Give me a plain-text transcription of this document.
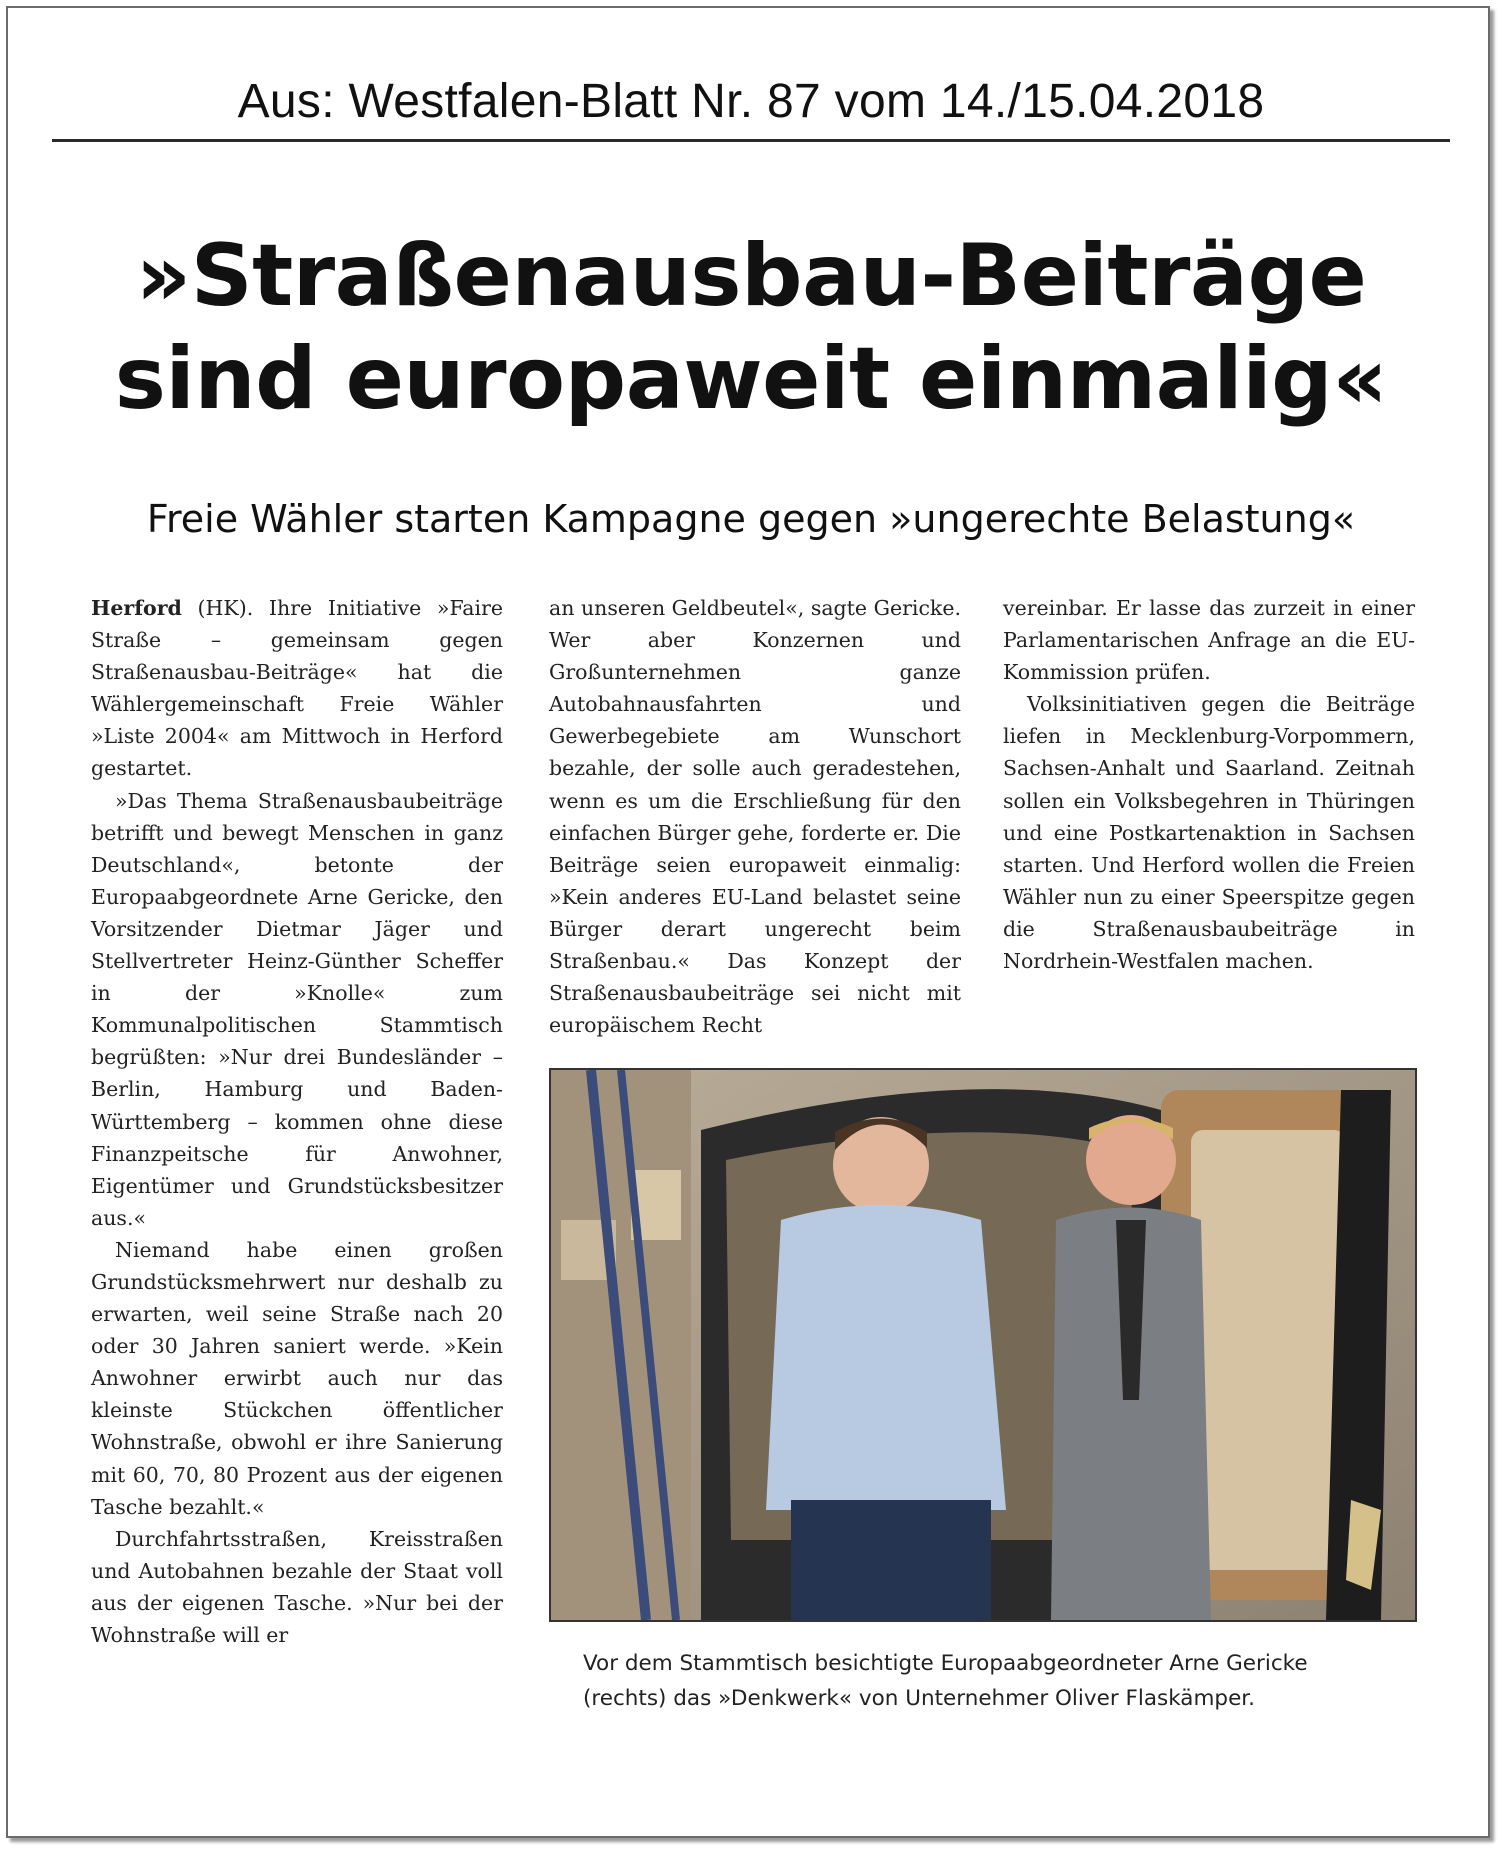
Aus: Westfalen-Blatt Nr. 87 vom 14./15.04.2018
»Straßenausbau-Beiträge
sind europaweit einmalig«
Freie Wähler starten Kampagne gegen »ungerechte Belastung«

Herford (HK). Ihre Initiative »Faire Straße – gemeinsam gegen Straßenausbau-Beiträge« hat die Wählergemeinschaft Freie Wähler »Liste 2004« am Mittwoch in Herford gestartet.

»Das Thema Straßenausbaubeiträge betrifft und bewegt Menschen in ganz Deutschland«, betonte der Europaabgeordnete Arne Gericke, den Vorsitzender Dietmar Jäger und Stellvertreter Heinz-Günther Scheffer in der »Knolle« zum Kommunalpolitischen Stammtisch begrüßten: »Nur drei Bundesländer – Berlin, Hamburg und Baden-Württemberg – kommen ohne diese Finanzpeitsche für Anwohner, Eigentümer und Grundstücksbesitzer aus.«

Niemand habe einen großen Grundstücksmehrwert nur deshalb zu erwarten, weil seine Straße nach 20 oder 30 Jahren saniert werde. »Kein Anwohner erwirbt auch nur das kleinste Stückchen öffentlicher Wohnstraße, obwohl er ihre Sanierung mit 60, 70, 80 Prozent aus der eigenen Tasche bezahlt.«

Durchfahrtsstraßen, Kreisstraßen und Autobahnen bezahle der Staat voll aus der eigenen Tasche. »Nur bei der Wohnstraße will er

an unseren Geldbeutel«, sagte Gericke. Wer aber Konzernen und Großunternehmen ganze Autobahnausfahrten und Gewerbegebiete am Wunschort bezahle, der solle auch geradestehen, wenn es um die Erschließung für den einfachen Bürger gehe, forderte er. Die Beiträge seien europaweit einmalig: »Kein anderes EU-Land belastet seine Bürger derart ungerecht beim Straßenbau.« Das Konzept der Straßenausbaubeiträge sei nicht mit europäischem Recht

vereinbar. Er lasse das zurzeit in einer Parlamentarischen Anfrage an die EU-Kommission prüfen.

Volksinitiativen gegen die Beiträge liefen in Mecklenburg-Vorpommern, Sachsen-Anhalt und Saarland. Zeitnah sollen ein Volksbegehren in Thüringen und eine Postkartenaktion in Sachsen starten. Und Herford wollen die Freien Wähler nun zu einer Speerspitze gegen die Straßenausbaubeiträge in Nordrhein-Westfalen machen.

Vor dem Stammtisch besichtigte Europaabgeordneter Arne Gericke
(rechts) das »Denkwerk« von Unternehmer Oliver Flaskämper.
